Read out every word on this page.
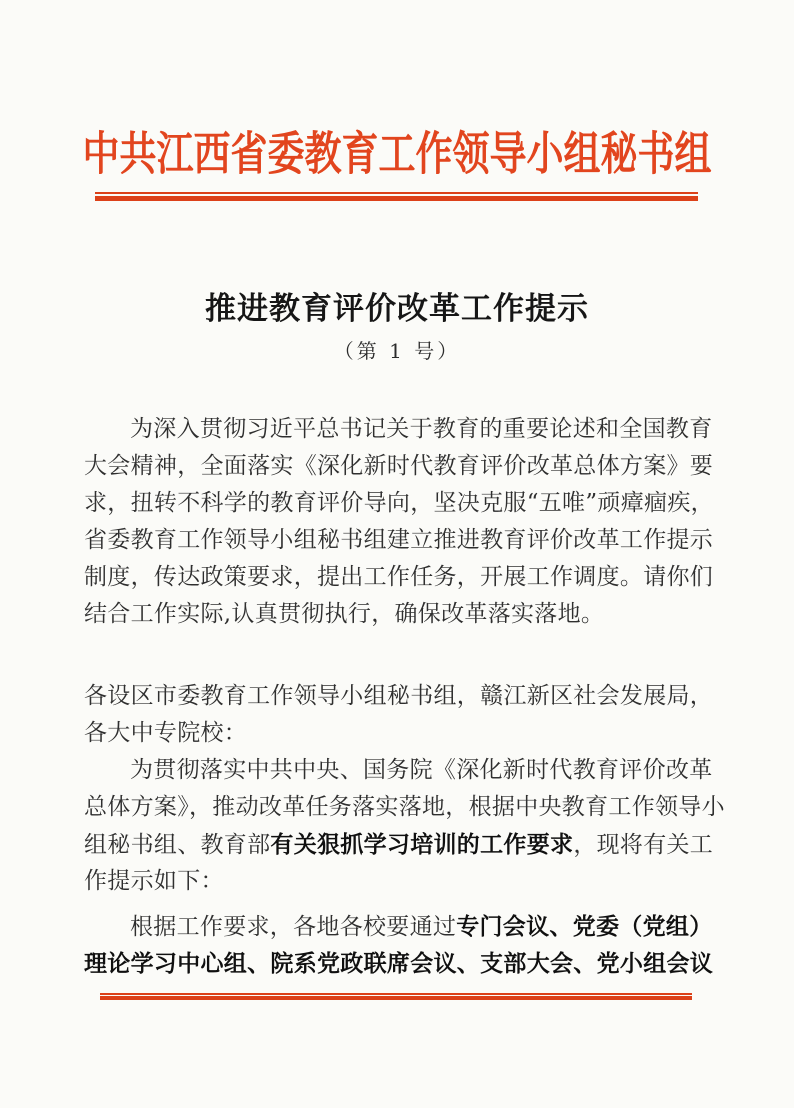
中共江西省委教育工作领导小组秘书组
推进教育评价改革工作提示
（第 1 号）
为深入贯彻习近平总书记关于教育的重要论述和全国教育
大会精神，全面落实《深化新时代教育评价改革总体方案》要
求，扭转不科学的教育评价导向，坚决克服“五唯”顽瘴痼疾，
省委教育工作领导小组秘书组建立推进教育评价改革工作提示
制度，传达政策要求，提出工作任务，开展工作调度。请你们
结合工作实际,认真贯彻执行，确保改革落实落地。
各设区市委教育工作领导小组秘书组，赣江新区社会发展局，
各大中专院校：
为贯彻落实中共中央、国务院《深化新时代教育评价改革
总体方案》，推动改革任务落实落地，根据中央教育工作领导小
组秘书组、教育部有关狠抓学习培训的工作要求，现将有关工
作提示如下：
根据工作要求，各地各校要通过专门会议、党委（党组）
理论学习中心组、院系党政联席会议、支部大会、党小组会议
